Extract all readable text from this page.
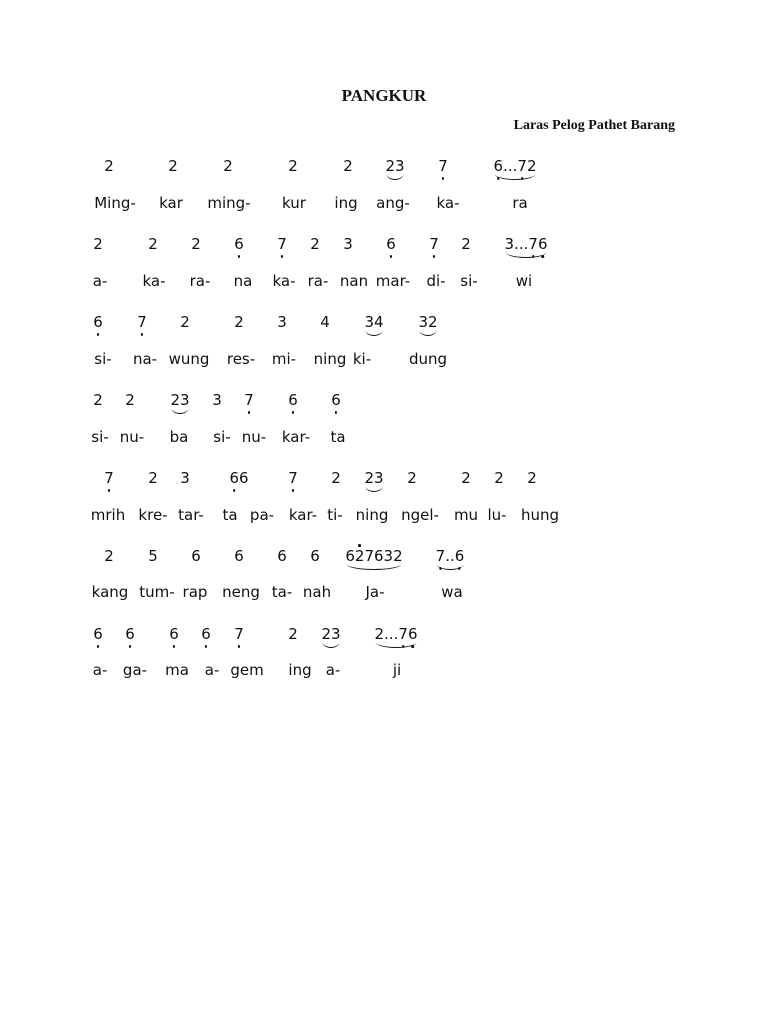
PANGKUR
Laras Pelog Pathet Barang
2	2	2	2	2 23 7	6
...7
2
Ming- kar ming- kur ing ang- ka-	ra
2	2 2 6 7 2 3 6 7 2 3...7
6
a- ka- ra- na ka- ra- nan mar- di- si-	wi
6 7 2	2 3 4 34 32
si- na- wung res- mi- ning ki-	dung
2 2 23 3 7 6 6
si- nu- ba si- nu- kar- ta
7 2 3	6
6	7 2 23 2	2 2 2
mrih kre- tar- ta pa- kar- ti- ning ngel- mu lu- hung
2 5 6 6 6 6 62
7632 7
..6
kang tum- rap neng ta- nah Ja-	wa
6 6 6 6 7	2 23 2...7
6
a- ga- ma a- gem ing a-	ji
